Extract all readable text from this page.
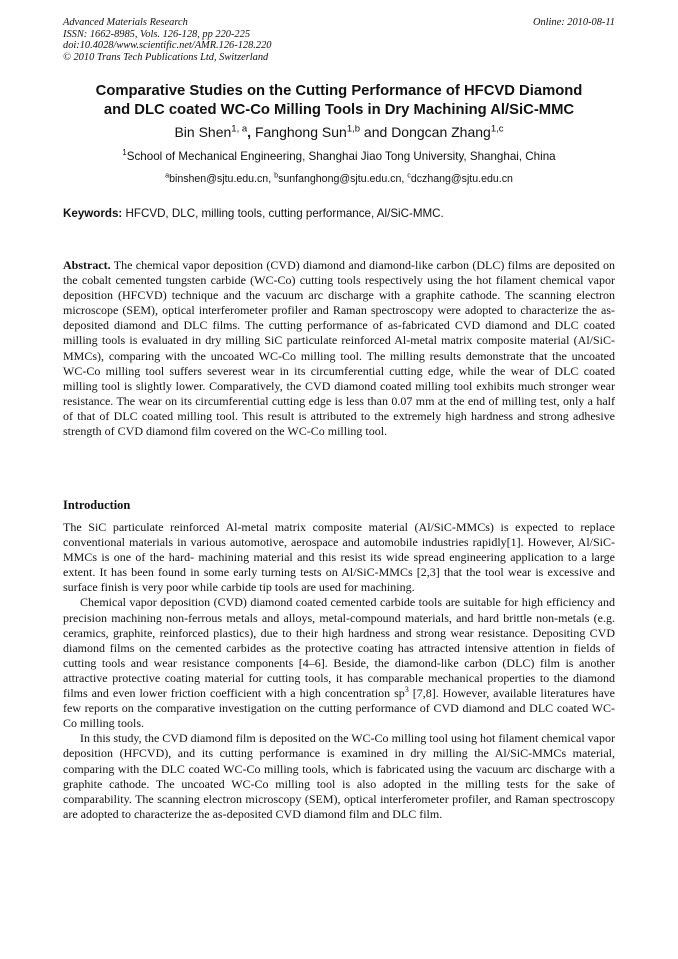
Advanced Materials Research
ISSN: 1662-8985, Vols. 126-128, pp 220-225
doi:10.4028/www.scientific.net/AMR.126-128.220
© 2010 Trans Tech Publications Ltd, Switzerland
Online: 2010-08-11
Comparative Studies on the Cutting Performance of HFCVD Diamond
and DLC coated WC-Co Milling Tools in Dry Machining Al/SiC-MMC
Bin Shen$^{1, a}$, Fanghong Sun$^{1,b}$ and Dongcan Zhang$^{1,c}$
$^1$School of Mechanical Engineering, Shanghai Jiao Tong University, Shanghai, China
$^a$binshen@sjtu.edu.cn, $^b$sunfanghong@sjtu.edu.cn, $^c$dczhang@sjtu.edu.cn
Keywords: HFCVD, DLC, milling tools, cutting performance, Al/SiC-MMC.
Abstract. The chemical vapor deposition (CVD) diamond and diamond-like carbon (DLC) films are deposited on the cobalt cemented tungsten carbide (WC-Co) cutting tools respectively using the hot filament chemical vapor deposition (HFCVD) technique and the vacuum arc discharge with a graphite cathode. The scanning electron microscope (SEM), optical interferometer profiler and Raman spectroscopy were adopted to characterize the as-deposited diamond and DLC films. The cutting performance of as-fabricated CVD diamond and DLC coated milling tools is evaluated in dry milling SiC particulate reinforced Al-metal matrix composite material (Al/SiC-MMCs), comparing with the uncoated WC-Co milling tool. The milling results demonstrate that the uncoated WC-Co milling tool suffers severest wear in its circumferential cutting edge, while the wear of DLC coated milling tool is slightly lower. Comparatively, the CVD diamond coated milling tool exhibits much stronger wear resistance. The wear on its circumferential cutting edge is less than 0.07 mm at the end of milling test, only a half of that of DLC coated milling tool. This result is attributed to the extremely high hardness and strong adhesive strength of CVD diamond film covered on the WC-Co milling tool.
Introduction

The SiC particulate reinforced Al-metal matrix composite material (Al/SiC-MMCs) is expected to replace conventional materials in various automotive, aerospace and automobile industries rapidly[1]. However, Al/SiC-MMCs is one of the hard- machining material and this resist its wide spread engineering application to a large extent. It has been found in some early turning tests on Al/SiC-MMCs [2,3] that the tool wear is excessive and surface finish is very poor while carbide tip tools are used for machining.

Chemical vapor deposition (CVD) diamond coated cemented carbide tools are suitable for high efficiency and precision machining non-ferrous metals and alloys, metal-compound materials, and hard brittle non-metals (e.g. ceramics, graphite, reinforced plastics), due to their high hardness and strong wear resistance. Depositing CVD diamond films on the cemented carbides as the protective coating has attracted intensive attention in fields of cutting tools and wear resistance components [4–6]. Beside, the diamond-like carbon (DLC) film is another attractive protective coating material for cutting tools, it has comparable mechanical properties to the diamond films and even lower friction coefficient with a high concentration $sp^3$ [7,8]. However, available literatures have few reports on the comparative investigation on the cutting performance of CVD diamond and DLC coated WC-Co milling tools.

In this study, the CVD diamond film is deposited on the WC-Co milling tool using hot filament chemical vapor deposition (HFCVD), and its cutting performance is examined in dry milling the Al/SiC-MMCs material, comparing with the DLC coated WC-Co milling tools, which is fabricated using the vacuum arc discharge with a graphite cathode. The uncoated WC-Co milling tool is also adopted in the milling tests for the sake of comparability. The scanning electron microscopy (SEM), optical interferometer profiler, and Raman spectroscopy are adopted to characterize the as-deposited CVD diamond film and DLC film.
